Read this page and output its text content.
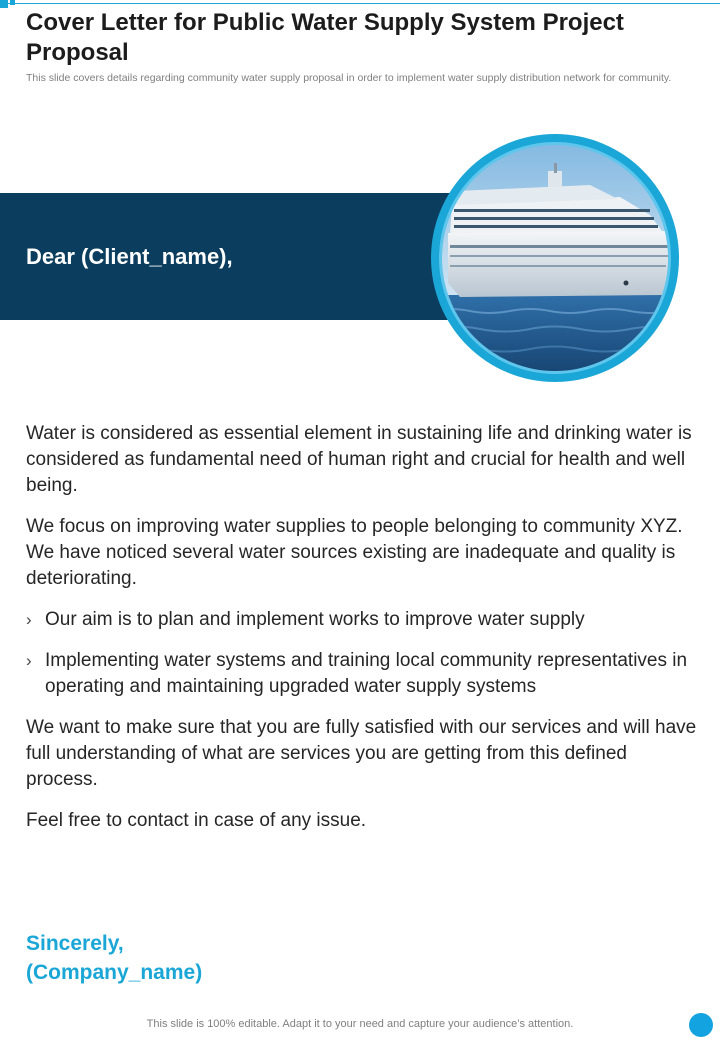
Cover Letter for Public Water Supply System Project Proposal

This slide covers details regarding community water supply proposal in order to implement water supply distribution network for community.

Dear (Client_name),

Water is considered as essential element in sustaining life and drinking water is considered as fundamental need of human right and crucial for health and well being.

We focus on improving water supplies to people belonging to community XYZ. We have noticed several water sources existing are inadequate and quality is deteriorating.

› Our aim is to plan and implement works to improve water supply
› Implementing water systems and training local community representatives in operating and maintaining upgraded water supply systems

We want to make sure that you are fully satisfied with our services and will have full understanding of what are services you are getting from this defined process.

Feel free to contact in case of any issue.

Sincerely,
(Company_name)
This slide is 100% editable. Adapt it to your need and capture your audience’s attention.
